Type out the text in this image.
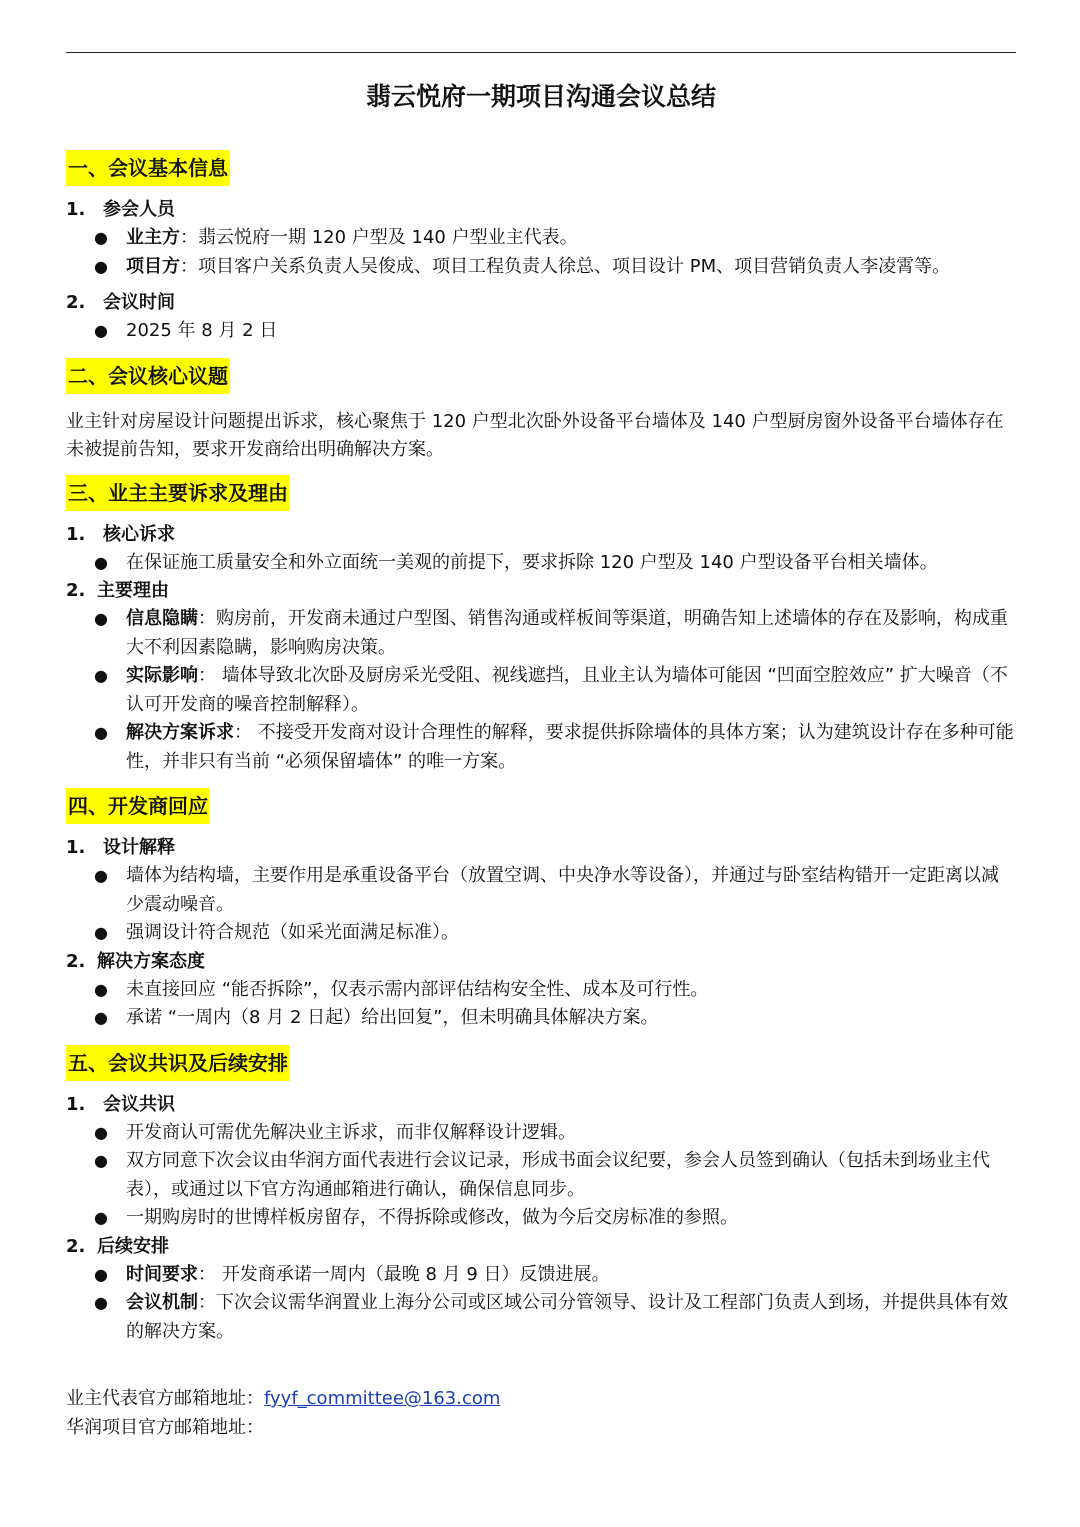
翡云悦府一期项目沟通会议总结
一、会议基本信息
1. 参会人员
● 业主方：翡云悦府一期 120 户型及 140 户型业主代表。
● 项目方：项目客户关系负责人吴俊成、项目工程负责人徐总、项目设计 PM、项目营销负责人李凌霄等。
2. 会议时间
● 2025 年 8 月 2 日
二、会议核心议题
业主针对房屋设计问题提出诉求，核心聚焦于 120 户型北次卧外设备平台墙体及 140 户型厨房窗外设备平台墙体存在未被提前告知，要求开发商给出明确解决方案。
三、业主主要诉求及理由
1. 核心诉求
● 在保证施工质量安全和外立面统一美观的前提下，要求拆除 120 户型及 140 户型设备平台相关墙体。
2. 主要理由
● 信息隐瞒：购房前，开发商未通过户型图、销售沟通或样板间等渠道，明确告知上述墙体的存在及影响，构成重大不利因素隐瞒，影响购房决策。
● 实际影响： 墙体导致北次卧及厨房采光受阻、视线遮挡，且业主认为墙体可能因 “凹面空腔效应” 扩大噪音（不认可开发商的噪音控制解释）。
● 解决方案诉求： 不接受开发商对设计合理性的解释，要求提供拆除墙体的具体方案；认为建筑设计存在多种可能性，并非只有当前 “必须保留墙体” 的唯一方案。
四、开发商回应
1. 设计解释
● 墙体为结构墙，主要作用是承重设备平台（放置空调、中央净水等设备），并通过与卧室结构错开一定距离以减少震动噪音。
● 强调设计符合规范（如采光面满足标准）。
2. 解决方案态度
● 未直接回应 “能否拆除”，仅表示需内部评估结构安全性、成本及可行性。
● 承诺 “一周内（8 月 2 日起）给出回复”，但未明确具体解决方案。
五、会议共识及后续安排
1. 会议共识
● 开发商认可需优先解决业主诉求，而非仅解释设计逻辑。
● 双方同意下次会议由华润方面代表进行会议记录，形成书面会议纪要，参会人员签到确认（包括未到场业主代表），或通过以下官方沟通邮箱进行确认，确保信息同步。
● 一期购房时的世博样板房留存，不得拆除或修改，做为今后交房标准的参照。
2. 后续安排
● 时间要求： 开发商承诺一周内（最晚 8 月 9 日）反馈进展。
● 会议机制：下次会议需华润置业上海分公司或区域公司分管领导、设计及工程部门负责人到场，并提供具体有效的解决方案。
业主代表官方邮箱地址：fyyf_committee@163.com
华润项目官方邮箱地址：
